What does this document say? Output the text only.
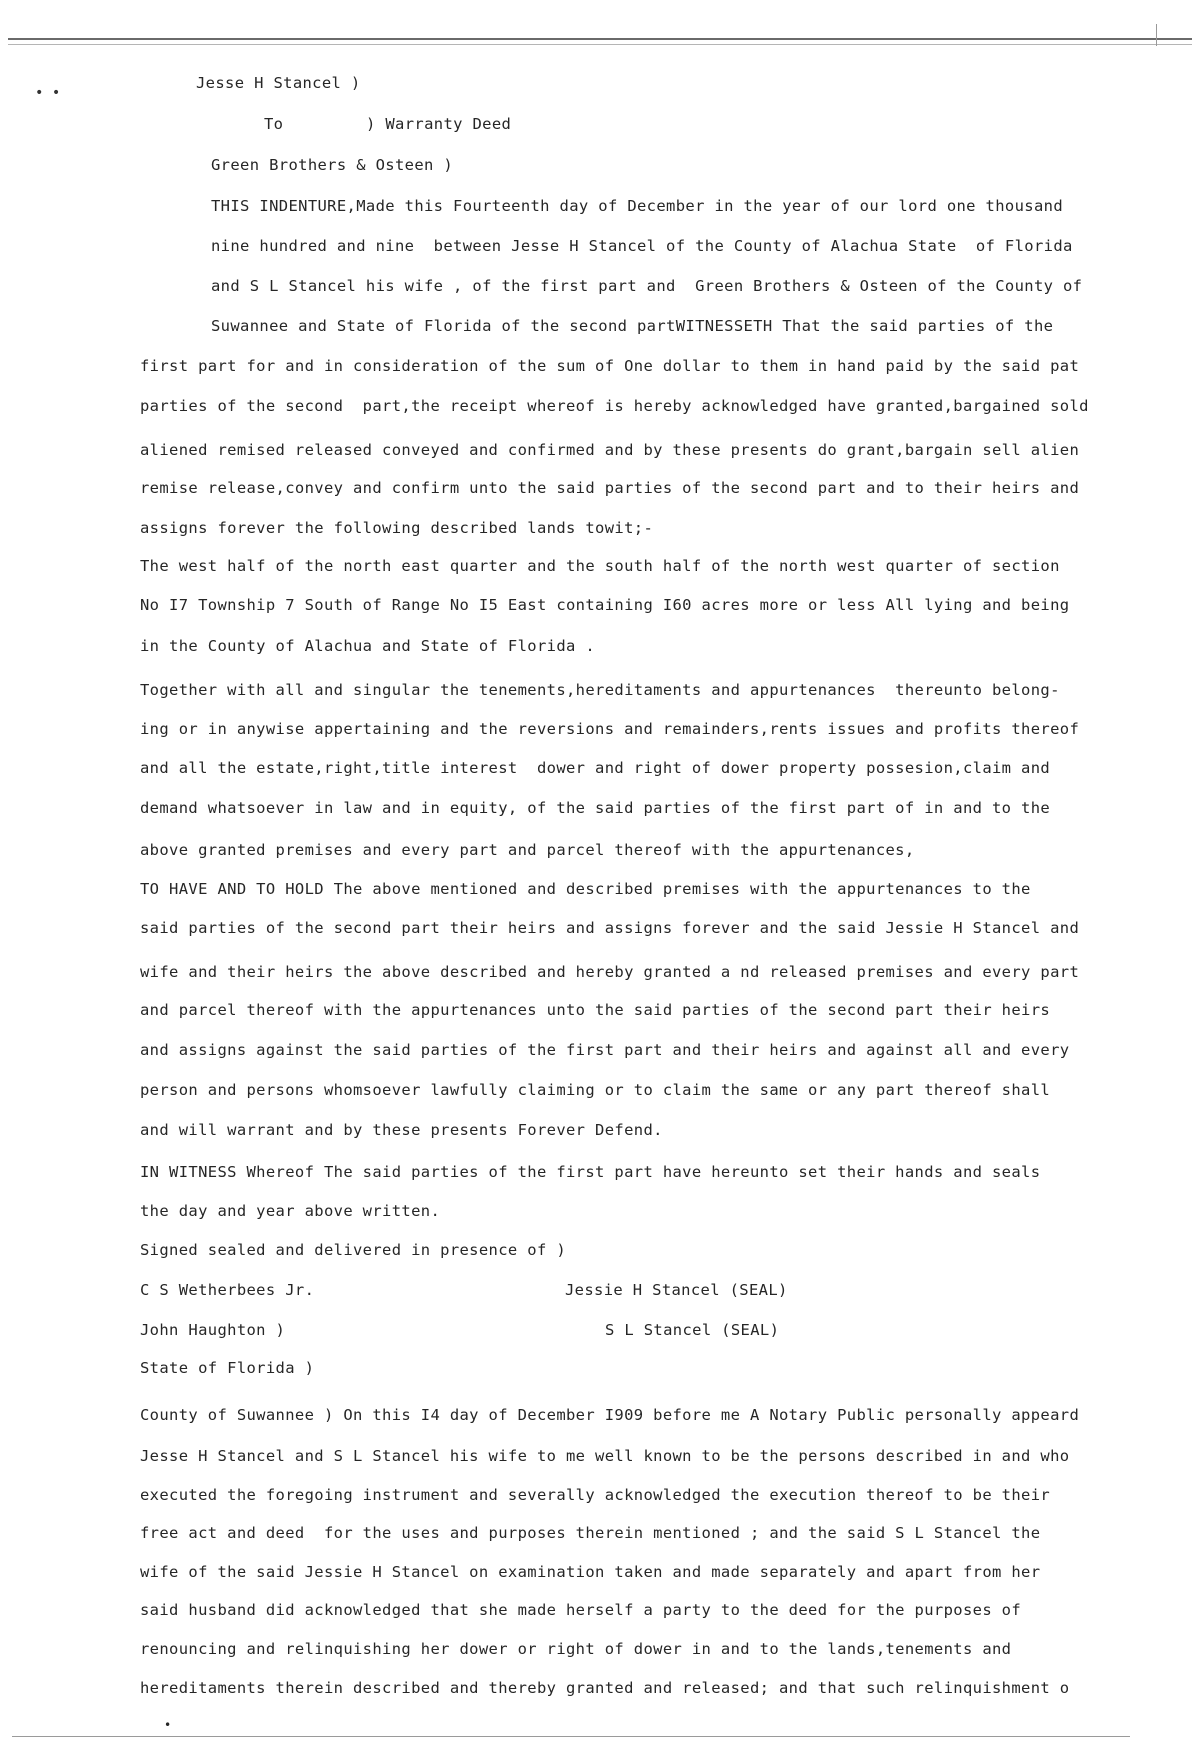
• •
Jesse H Stancel )
To	) Warranty Deed
Green Brothers & Osteen )
THIS INDENTURE,Made this Fourteenth day of December in the year of our lord one thousand
nine hundred and nine  between Jesse H Stancel of the County of Alachua State  of Florida
and S L Stancel his wife , of the first part and  Green Brothers & Osteen of the County of
Suwannee and State of Florida of the second partWITNESSETH That the said parties of the
first part for and in consideration of the sum of One dollar to them in hand paid by the said pat
parties of the second  part,the receipt whereof is hereby acknowledged have granted,bargained sold
aliened remised released conveyed and confirmed and by these presents do grant,bargain sell alien
remise release,convey and confirm unto the said parties of the second part and to their heirs and
assigns forever the following described lands towit;-
The west half of the north east quarter and the south half of the north west quarter of section
No I7 Township 7 South of Range No I5 East containing I60 acres more or less All lying and being
in the County of Alachua and State of Florida .
Together with all and singular the tenements,hereditaments and appurtenances  thereunto belong-
ing or in anywise appertaining and the reversions and remainders,rents issues and profits thereof
and all the estate,right,title interest  dower and right of dower property possesion,claim and
demand whatsoever in law and in equity, of the said parties of the first part of in and to the
above granted premises and every part and parcel thereof with the appurtenances,
TO HAVE AND TO HOLD The above mentioned and described premises with the appurtenances to the
said parties of the second part their heirs and assigns forever and the said Jessie H Stancel and
wife and their heirs the above described and hereby granted a nd released premises and every part
and parcel thereof with the appurtenances unto the said parties of the second part their heirs
and assigns against the said parties of the first part and their heirs and against all and every
person and persons whomsoever lawfully claiming or to claim the same or any part thereof shall
and will warrant and by these presents Forever Defend.
IN WITNESS Whereof The said parties of the first part have hereunto set their hands and seals
the day and year above written.
Signed sealed and delivered in presence of )
C S Wetherbees Jr.	Jessie H Stancel (SEAL)
John Haughton )	S L Stancel (SEAL)
State of Florida )
County of Suwannee ) On this I4 day of December I909 before me A Notary Public personally appeard
Jesse H Stancel and S L Stancel his wife to me well known to be the persons described in and who
executed the foregoing instrument and severally acknowledged the execution thereof to be their
free act and deed  for the uses and purposes therein mentioned ; and the said S L Stancel the
wife of the said Jessie H Stancel on examination taken and made separately and apart from her
said husband did acknowledged that she made herself a party to the deed for the purposes of
renouncing and relinquishing her dower or right of dower in and to the lands,tenements and
hereditaments therein described and thereby granted and released; and that such relinquishment o
•
